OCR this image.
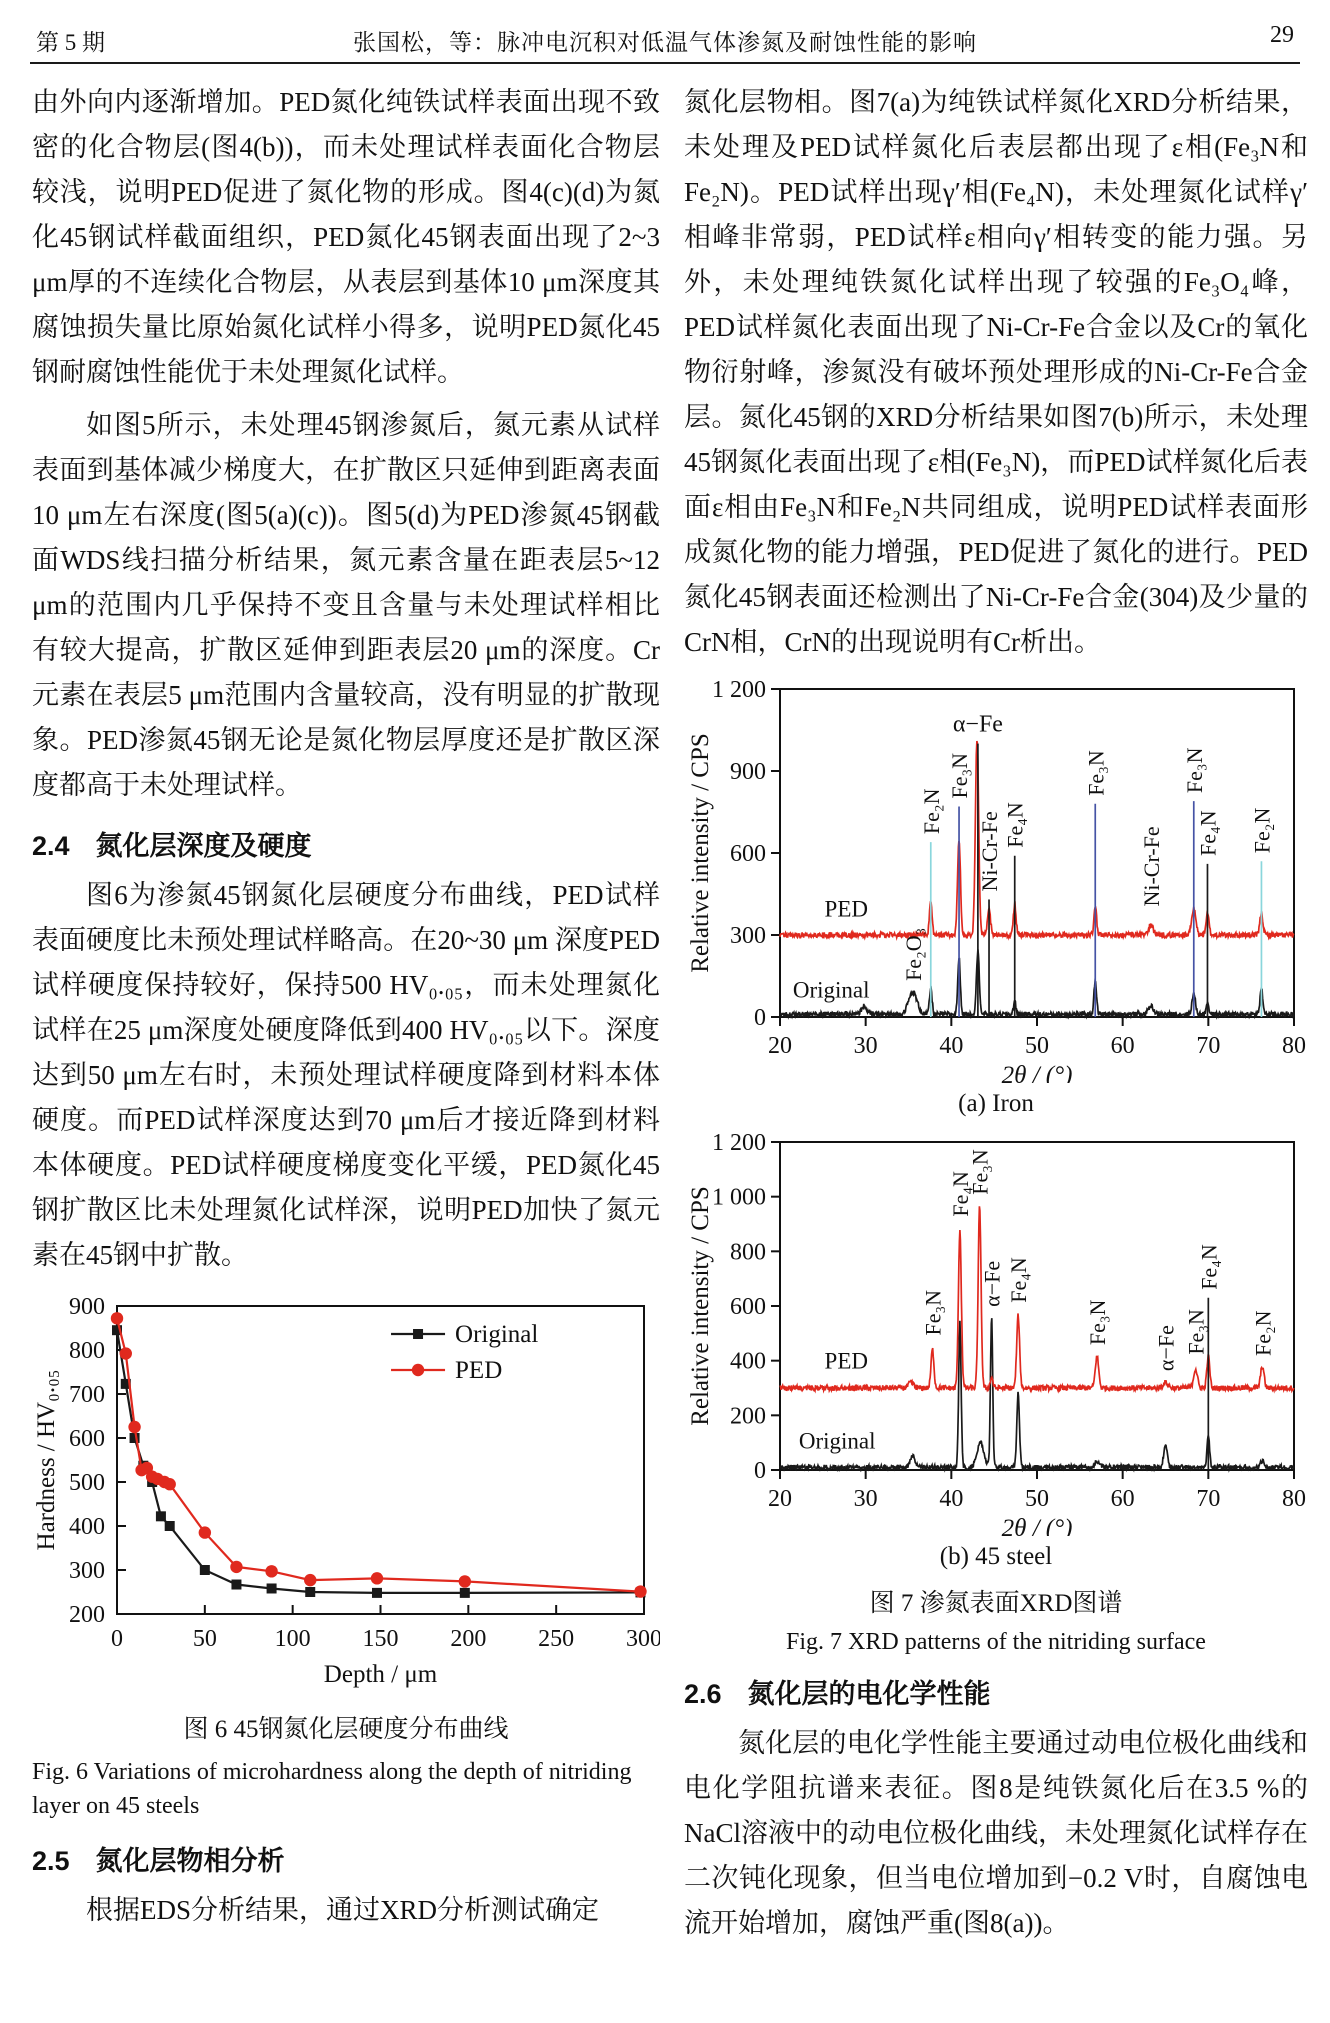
第 5 期	张国松，等：脉冲电沉积对低温气体渗氮及耐蚀性能的影响	29

由外向内逐渐增加。PED氮化纯铁试样表面出现不致密的化合物层(图4(b))，而未处理试样表面化合物层较浅，说明PED促进了氮化物的形成。图4(c)(d)为氮化45钢试样截面组织，PED氮化45钢表面出现了2~3 μm厚的不连续化合物层，从表层到基体10 μm深度其腐蚀损失量比原始氮化试样小得多，说明PED氮化45钢耐腐蚀性能优于未处理氮化试样。

如图5所示，未处理45钢渗氮后，氮元素从试样表面到基体减少梯度大，在扩散区只延伸到距离表面10 μm左右深度(图5(a)(c))。图5(d)为PED渗氮45钢截面WDS线扫描分析结果，氮元素含量在距表层5~12 μm的范围内几乎保持不变且含量与未处理试样相比有较大提高，扩散区延伸到距表层20 μm的深度。Cr元素在表层5 μm范围内含量较高，没有明显的扩散现象。PED渗氮45钢无论是氮化物层厚度还是扩散区深度都高于未处理试样。

2.4 氮化层深度及硬度

图6为渗氮45钢氮化层硬度分布曲线，PED试样表面硬度比未预处理试样略高。在20~30 μm 深度PED试样硬度保持较好，保持500 HV₀.₀₅，而未处理氮化试样在25 μm深度处硬度降低到400 HV₀.₀₅以下。深度达到50 μm左右时，未预处理试样硬度降到材料本体硬度。而PED试样深度达到70 μm后才接近降到材料本体硬度。PED试样硬度梯度变化平缓，PED氮化45钢扩散区比未处理氮化试样深，说明PED加快了氮元素在45钢中扩散。

200
300
400
500
600
700
800
900
0	50 100 150 200 250 300
Depth / μm
Hardness / HV₀.₀₅
Original
PED
图 6 45钢氮化层硬度分布曲线
Fig. 6 Variations of microhardness along the depth of nitriding layer on 45 steels
2.5 氮化层物相分析

根据EDS分析结果，通过XRD分析测试确定

氮化层物相。图7(a)为纯铁试样氮化XRD分析结果，未处理及PED试样氮化后表层都出现了ε相(Fe₃N和Fe₂N)。PED试样出现γ′相(Fe₄N)，未处理氮化试样γ′相峰非常弱，PED试样ε相向γ′相转变的能力强。另外，未处理纯铁氮化试样出现了较强的Fe₃O₄峰，PED试样氮化表面出现了Ni-Cr-Fe合金以及Cr的氧化物衍射峰，渗氮没有破坏预处理形成的Ni-Cr-Fe合金层。氮化45钢的XRD分析结果如图7(b)所示，未处理45钢氮化表面出现了ε相(Fe₃N)，而PED试样氮化后表面ε相由Fe₃N和Fe₂N共同组成，说明PED试样表面形成氮化物的能力增强，PED促进了氮化的进行。PED氮化45钢表面还检测出了Ni-Cr-Fe合金(304)及少量的CrN相，CrN的出现说明有Cr析出。

0
300
600
900
1 200
20	30	40	50	60	70	80
2θ / (°)
Relative intensity / CPS
Original
PED
Fe₂N
Fe₃N
α−Fe
Ni-Cr-Fe Fe₄N
Fe₃N
Ni-Cr-Fe
Fe₃N
Fe₄N Fe₂N
Fe₂O₃
(a) Iron
0
200
400
600
800
1 000
1 200
20	30	40	50	60	70	80
2θ / (°)
Relative intensity / CPS
Original
PED
Fe₄N
Fe₃N
Fe₄N
Fe₃N
α−Fe Fe₄N
Fe₃N
α−Fe Fe₃N Fe₂N
(b) 45 steel
图 7 渗氮表面XRD图谱
Fig. 7 XRD patterns of the nitriding surface
2.6 氮化层的电化学性能

氮化层的电化学性能主要通过动电位极化曲线和电化学阻抗谱来表征。图8是纯铁氮化后在3.5 %的NaCl溶液中的动电位极化曲线，未处理氮化试样存在二次钝化现象，但当电位增加到−0.2 V时，自腐蚀电流开始增加，腐蚀严重(图8(a))。
